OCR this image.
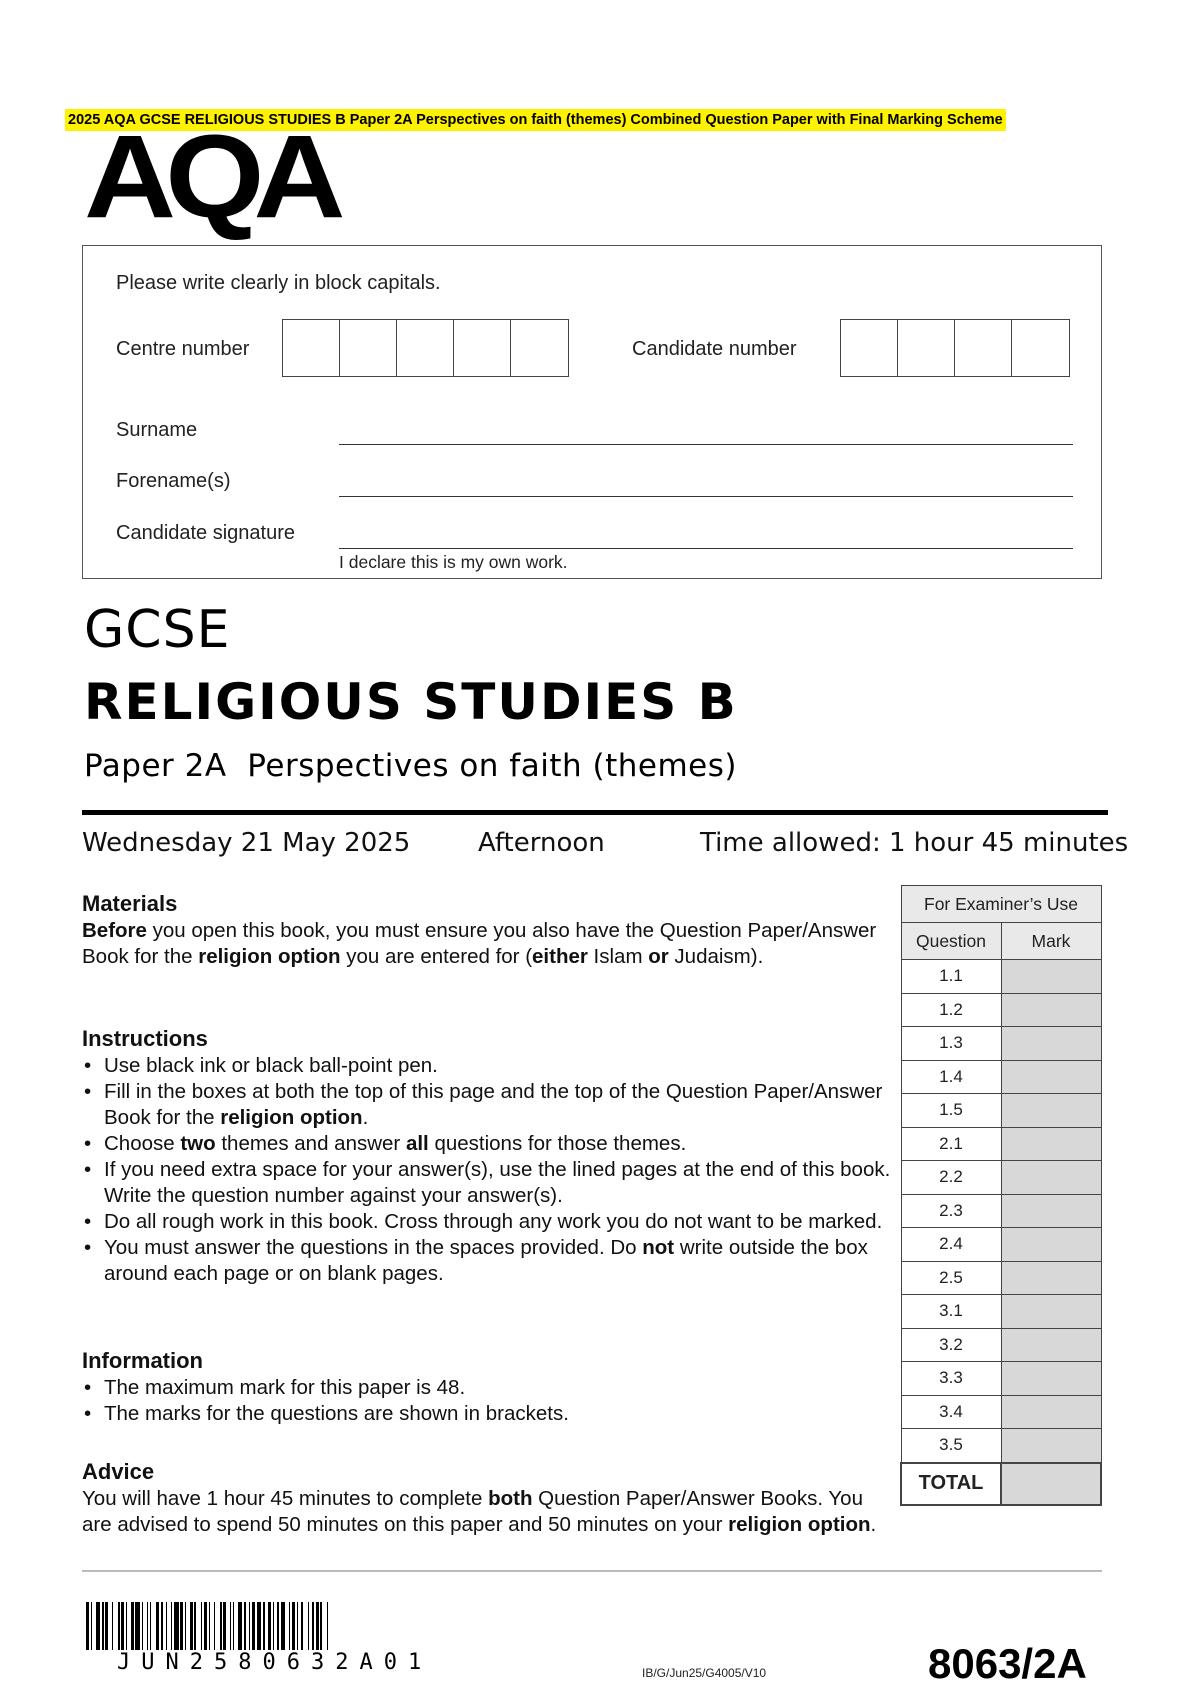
2025 AQA GCSE RELIGIOUS STUDIES B Paper 2A Perspectives on faith (themes) Combined Question Paper with Final Marking Scheme
AQA
Please write clearly in block capitals.
Centre number	Candidate number
Surname
Forename(s)
Candidate signature
I declare this is my own work.
GCSE
RELIGIOUS STUDIES B
Paper 2A  Perspectives on faith (themes)
Wednesday 21 May 2025	Afternoon	Time allowed: 1 hour 45 minutes
Materials

Before you open this book, you must ensure you also have the Question Paper/Answer Book for the religion option you are entered for (either Islam or Judaism).

Instructions
• Use black ink or black ball-point pen.
• Fill in the boxes at both the top of this page and the top of the Question Paper/Answer Book for the religion option.
• Choose two themes and answer all questions for those themes.
• If you need extra space for your answer(s), use the lined pages at the end of this book. Write the question number against your answer(s).
• Do all rough work in this book. Cross through any work you do not want to be marked.
• You must answer the questions in the spaces provided. Do not write outside the box around each page or on blank pages.
Information
• The maximum mark for this paper is 48.
• The marks for the questions are shown in brackets.
Advice

You will have 1 hour 45 minutes to complete both Question Paper/Answer Books. You are advised to spend 50 minutes on this paper and 50 minutes on your religion option.

For Examiner’s Use	
Question	Mark
1.1	
1.2	
1.3	
1.4	
1.5	
2.1	
2.2	
2.3	
2.4	
2.5	
3.1	
3.2	
3.3	
3.4	
3.5	
TOTAL	
JUN2580632A01	IB/G/Jun25/G4005/V10	8063/2A
